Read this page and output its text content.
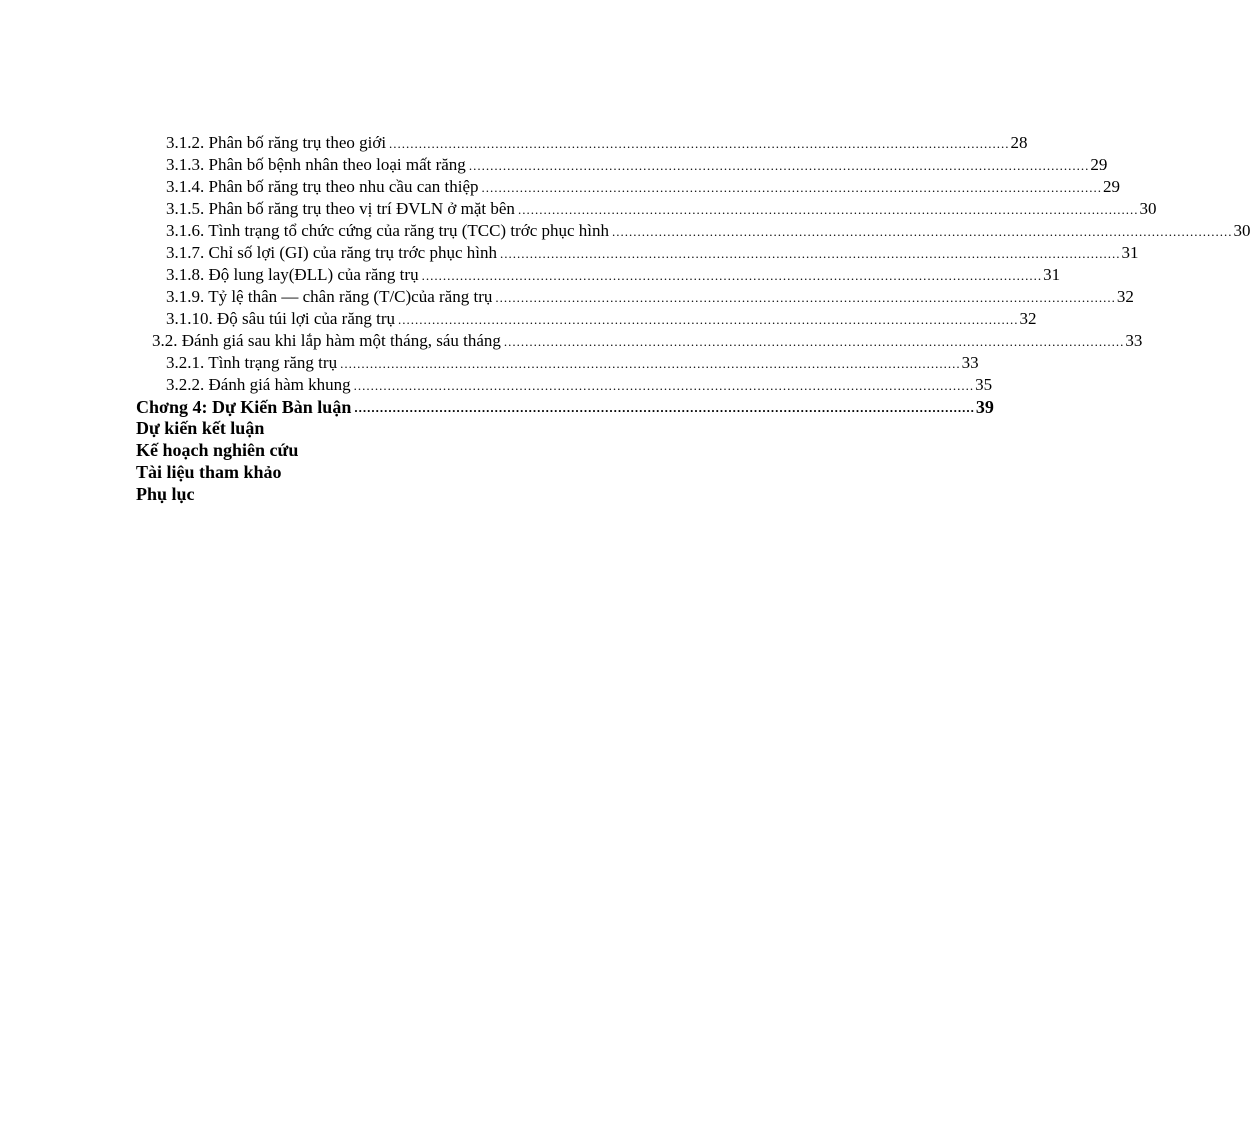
3.1.2. Phân bố răng trụ theo giới .................................................................................................................................................. 28
3.1.3. Phân bố bệnh nhân theo loại mất răng .................................................................................................................................................. 29
3.1.4. Phân bố răng trụ theo nhu cầu can thiệp .................................................................................................................................................. 29
3.1.5. Phân bố răng trụ theo vị trí ĐVLN ở mặt bên .................................................................................................................................................. 30
3.1.6. Tình trạng tổ chức cứng của răng trụ (TCC) trớc phục hình .................................................................................................................................................. 30
3.1.7. Chỉ số lợi (GI) của răng trụ trớc phục hình .................................................................................................................................................. 31
3.1.8. Độ lung lay(ĐLL) của răng trụ .................................................................................................................................................. 31
3.1.9. Tỷ lệ thân — chân răng (T/C)của răng trụ .................................................................................................................................................. 32
3.1.10. Độ sâu túi lợi của răng trụ .................................................................................................................................................. 32
3.2. Đánh giá sau khi lắp hàm một tháng, sáu tháng .................................................................................................................................................. 33
3.2.1. Tình trạng răng trụ .................................................................................................................................................. 33
3.2.2. Đánh giá hàm khung .................................................................................................................................................. 35
Chơng 4: Dự Kiến Bàn luận .................................................................................................................................................. 39
Dự kiến kết luận
Kế hoạch nghiên cứu
Tài liệu tham khảo
Phụ lục
